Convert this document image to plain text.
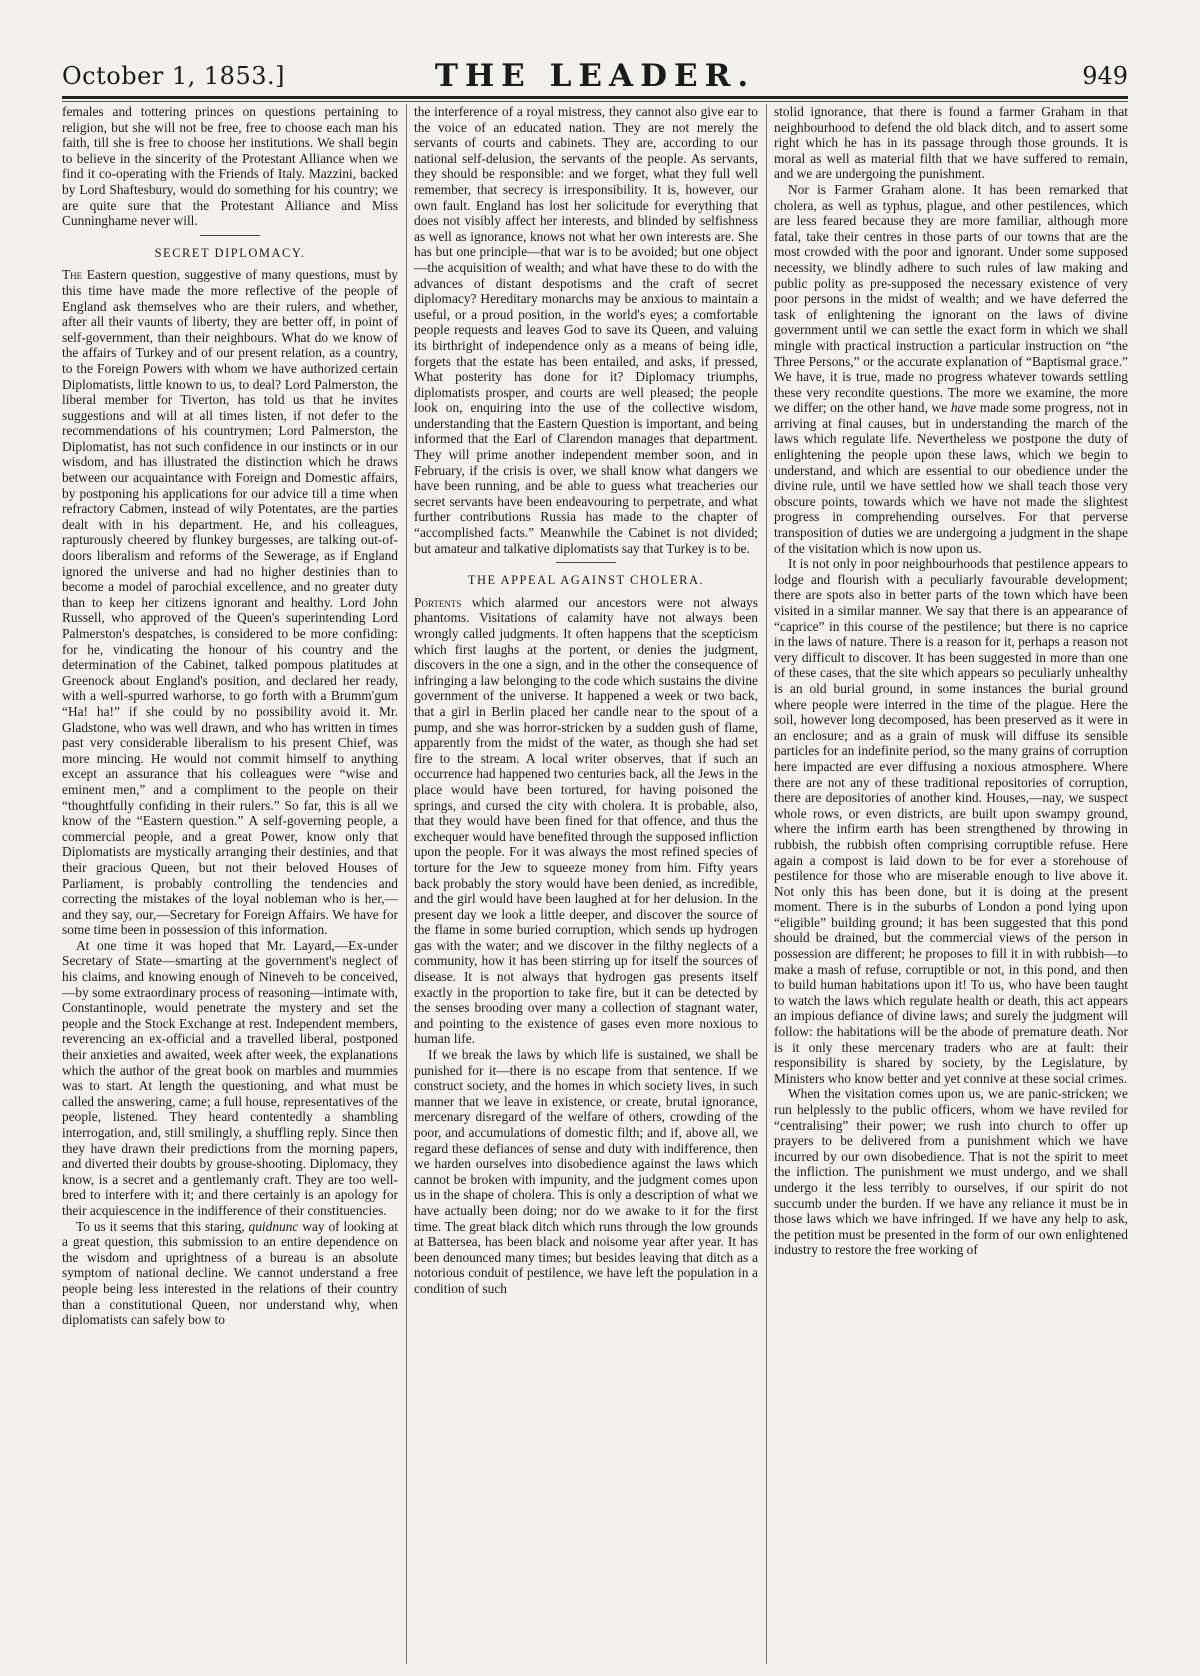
October 1, 1853.]	THE LEADER.	949

females and tottering princes on questions pertaining to religion, but she will not be free, free to choose each man his faith, till she is free to choose her institutions. We shall begin to believe in the sincerity of the Protestant Alliance when we find it co-operating with the Friends of Italy. Mazzini, backed by Lord Shaftesbury, would do something for his country; we are quite sure that the Protestant Alliance and Miss Cunninghame never will.

SECRET DIPLOMACY.

The Eastern question, suggestive of many questions, must by this time have made the more reflective of the people of England ask themselves who are their rulers, and whether, after all their vaunts of liberty, they are better off, in point of self-government, than their neighbours. What do we know of the affairs of Turkey and of our present relation, as a country, to the Foreign Powers with whom we have authorized certain Diplomatists, little known to us, to deal? Lord Palmerston, the liberal member for Tiverton, has told us that he invites suggestions and will at all times listen, if not defer to the recommendations of his countrymen; Lord Palmerston, the Diplomatist, has not such confidence in our instincts or in our wisdom, and has illustrated the distinction which he draws between our acquaintance with Foreign and Domestic affairs, by postponing his applications for our advice till a time when refractory Cabmen, instead of wily Potentates, are the parties dealt with in his department. He, and his colleagues, rapturously cheered by flunkey burgesses, are talking out-of-doors liberalism and reforms of the Sewerage, as if England ignored the universe and had no higher destinies than to become a model of parochial excellence, and no greater duty than to keep her citizens ignorant and healthy. Lord John Russell, who approved of the Queen's superintending Lord Palmerston's despatches, is considered to be more confiding: for he, vindicating the honour of his country and the determination of the Cabinet, talked pompous platitudes at Greenock about England's position, and declared her ready, with a well-spurred warhorse, to go forth with a Brumm'gum “Ha! ha!” if she could by no possibility avoid it. Mr. Gladstone, who was well drawn, and who has written in times past very considerable liberalism to his present Chief, was more mincing. He would not commit himself to anything except an assurance that his colleagues were “wise and eminent men,” and a compliment to the people on their “thoughtfully confiding in their rulers.” So far, this is all we know of the “Eastern question.” A self-governing people, a commercial people, and a great Power, know only that Diplomatists are mystically arranging their destinies, and that their gracious Queen, but not their beloved Houses of Parliament, is probably controlling the tendencies and correcting the mistakes of the loyal nobleman who is her,—and they say, our,—Secretary for Foreign Affairs. We have for some time been in possession of this information.

At one time it was hoped that Mr. Layard,—Ex-under Secretary of State—smarting at the government's neglect of his claims, and knowing enough of Nineveh to be conceived,—by some extraordinary process of reasoning—intimate with, Constantinople, would penetrate the mystery and set the people and the Stock Exchange at rest. Independent members, reverencing an ex-official and a travelled liberal, postponed their anxieties and awaited, week after week, the explanations which the author of the great book on marbles and mummies was to start. At length the questioning, and what must be called the answering, came; a full house, representatives of the people, listened. They heard contentedly a shambling interrogation, and, still smilingly, a shuffling reply. Since then they have drawn their predictions from the morning papers, and diverted their doubts by grouse-shooting. Diplomacy, they know, is a secret and a gentlemanly craft. They are too well-bred to interfere with it; and there certainly is an apology for their acquiescence in the indifference of their constituencies.

To us it seems that this staring, quidnunc way of looking at a great question, this submission to an entire dependence on the wisdom and uprightness of a bureau is an absolute symptom of national decline. We cannot understand a free people being less interested in the relations of their country than a constitutional Queen, nor understand why, when diplomatists can safely bow to

the interference of a royal mistress, they cannot also give ear to the voice of an educated nation. They are not merely the servants of courts and cabinets. They are, according to our national self-delusion, the servants of the people. As servants, they should be responsible: and we forget, what they full well remember, that secrecy is irresponsibility. It is, however, our own fault. England has lost her solicitude for everything that does not visibly affect her interests, and blinded by selfishness as well as ignorance, knows not what her own interests are. She has but one principle—that war is to be avoided; but one object—the acquisition of wealth; and what have these to do with the advances of distant despotisms and the craft of secret diplomacy? Hereditary monarchs may be anxious to maintain a useful, or a proud position, in the world's eyes; a comfortable people requests and leaves God to save its Queen, and valuing its birthright of independence only as a means of being idle, forgets that the estate has been entailed, and asks, if pressed, What posterity has done for it? Diplomacy triumphs, diplomatists prosper, and courts are well pleased; the people look on, enquiring into the use of the collective wisdom, understanding that the Eastern Question is important, and being informed that the Earl of Clarendon manages that department. They will prime another independent member soon, and in February, if the crisis is over, we shall know what dangers we have been running, and be able to guess what treacheries our secret servants have been endeavouring to perpetrate, and what further contributions Russia has made to the chapter of “accomplished facts.” Meanwhile the Cabinet is not divided; but amateur and talkative diplomatists say that Turkey is to be.

THE APPEAL AGAINST CHOLERA.

Portents which alarmed our ancestors were not always phantoms. Visitations of calamity have not always been wrongly called judgments. It often happens that the scepticism which first laughs at the portent, or denies the judgment, discovers in the one a sign, and in the other the consequence of infringing a law belonging to the code which sustains the divine government of the universe. It happened a week or two back, that a girl in Berlin placed her candle near to the spout of a pump, and she was horror-stricken by a sudden gush of flame, apparently from the midst of the water, as though she had set fire to the stream. A local writer observes, that if such an occurrence had happened two centuries back, all the Jews in the place would have been tortured, for having poisoned the springs, and cursed the city with cholera. It is probable, also, that they would have been fined for that offence, and thus the exchequer would have benefited through the supposed infliction upon the people. For it was always the most refined species of torture for the Jew to squeeze money from him. Fifty years back probably the story would have been denied, as incredible, and the girl would have been laughed at for her delusion. In the present day we look a little deeper, and discover the source of the flame in some buried corruption, which sends up hydrogen gas with the water; and we discover in the filthy neglects of a community, how it has been stirring up for itself the sources of disease. It is not always that hydrogen gas presents itself exactly in the proportion to take fire, but it can be detected by the senses brooding over many a collection of stagnant water, and pointing to the existence of gases even more noxious to human life.

If we break the laws by which life is sustained, we shall be punished for it—there is no escape from that sentence. If we construct society, and the homes in which society lives, in such manner that we leave in existence, or create, brutal ignorance, mercenary disregard of the welfare of others, crowding of the poor, and accumulations of domestic filth; and if, above all, we regard these defiances of sense and duty with indifference, then we harden ourselves into disobedience against the laws which cannot be broken with impunity, and the judgment comes upon us in the shape of cholera. This is only a description of what we have actually been doing; nor do we awake to it for the first time. The great black ditch which runs through the low grounds at Battersea, has been black and noisome year after year. It has been denounced many times; but besides leaving that ditch as a notorious conduit of pestilence, we have left the population in a condition of such

stolid ignorance, that there is found a farmer Graham in that neighbourhood to defend the old black ditch, and to assert some right which he has in its passage through those grounds. It is moral as well as material filth that we have suffered to remain, and we are undergoing the punishment.

Nor is Farmer Graham alone. It has been remarked that cholera, as well as typhus, plague, and other pestilences, which are less feared because they are more familiar, although more fatal, take their centres in those parts of our towns that are the most crowded with the poor and ignorant. Under some supposed necessity, we blindly adhere to such rules of law making and public polity as pre-supposed the necessary existence of very poor persons in the midst of wealth; and we have deferred the task of enlightening the ignorant on the laws of divine government until we can settle the exact form in which we shall mingle with practical instruction a particular instruction on “the Three Persons,” or the accurate explanation of “Baptismal grace.” We have, it is true, made no progress whatever towards settling these very recondite questions. The more we examine, the more we differ; on the other hand, we have made some progress, not in arriving at final causes, but in understanding the march of the laws which regulate life. Nevertheless we postpone the duty of enlightening the people upon these laws, which we begin to understand, and which are essential to our obedience under the divine rule, until we have settled how we shall teach those very obscure points, towards which we have not made the slightest progress in comprehending ourselves. For that perverse transposition of duties we are undergoing a judgment in the shape of the visitation which is now upon us.

It is not only in poor neighbourhoods that pestilence appears to lodge and flourish with a peculiarly favourable development; there are spots also in better parts of the town which have been visited in a similar manner. We say that there is an appearance of “caprice” in this course of the pestilence; but there is no caprice in the laws of nature. There is a reason for it, perhaps a reason not very difficult to discover. It has been suggested in more than one of these cases, that the site which appears so peculiarly unhealthy is an old burial ground, in some instances the burial ground where people were interred in the time of the plague. Here the soil, however long decomposed, has been preserved as it were in an enclosure; and as a grain of musk will diffuse its sensible particles for an indefinite period, so the many grains of corruption here impacted are ever diffusing a noxious atmosphere. Where there are not any of these traditional repositories of corruption, there are depositories of another kind. Houses,—nay, we suspect whole rows, or even districts, are built upon swampy ground, where the infirm earth has been strengthened by throwing in rubbish, the rubbish often comprising corruptible refuse. Here again a compost is laid down to be for ever a storehouse of pestilence for those who are miserable enough to live above it. Not only this has been done, but it is doing at the present moment. There is in the suburbs of London a pond lying upon “eligible” building ground; it has been suggested that this pond should be drained, but the commercial views of the person in possession are different; he proposes to fill it in with rubbish—to make a mash of refuse, corruptible or not, in this pond, and then to build human habitations upon it! To us, who have been taught to watch the laws which regulate health or death, this act appears an impious defiance of divine laws; and surely the judgment will follow: the habitations will be the abode of premature death. Nor is it only these mercenary traders who are at fault: their responsibility is shared by society, by the Legislature, by Ministers who know better and yet connive at these social crimes.

When the visitation comes upon us, we are panic-stricken; we run helplessly to the public officers, whom we have reviled for “centralising” their power; we rush into church to offer up prayers to be delivered from a punishment which we have incurred by our own disobedience. That is not the spirit to meet the infliction. The punishment we must undergo, and we shall undergo it the less terribly to ourselves, if our spirit do not succumb under the burden. If we have any reliance it must be in those laws which we have infringed. If we have any help to ask, the petition must be presented in the form of our own enlightened industry to restore the free working of
